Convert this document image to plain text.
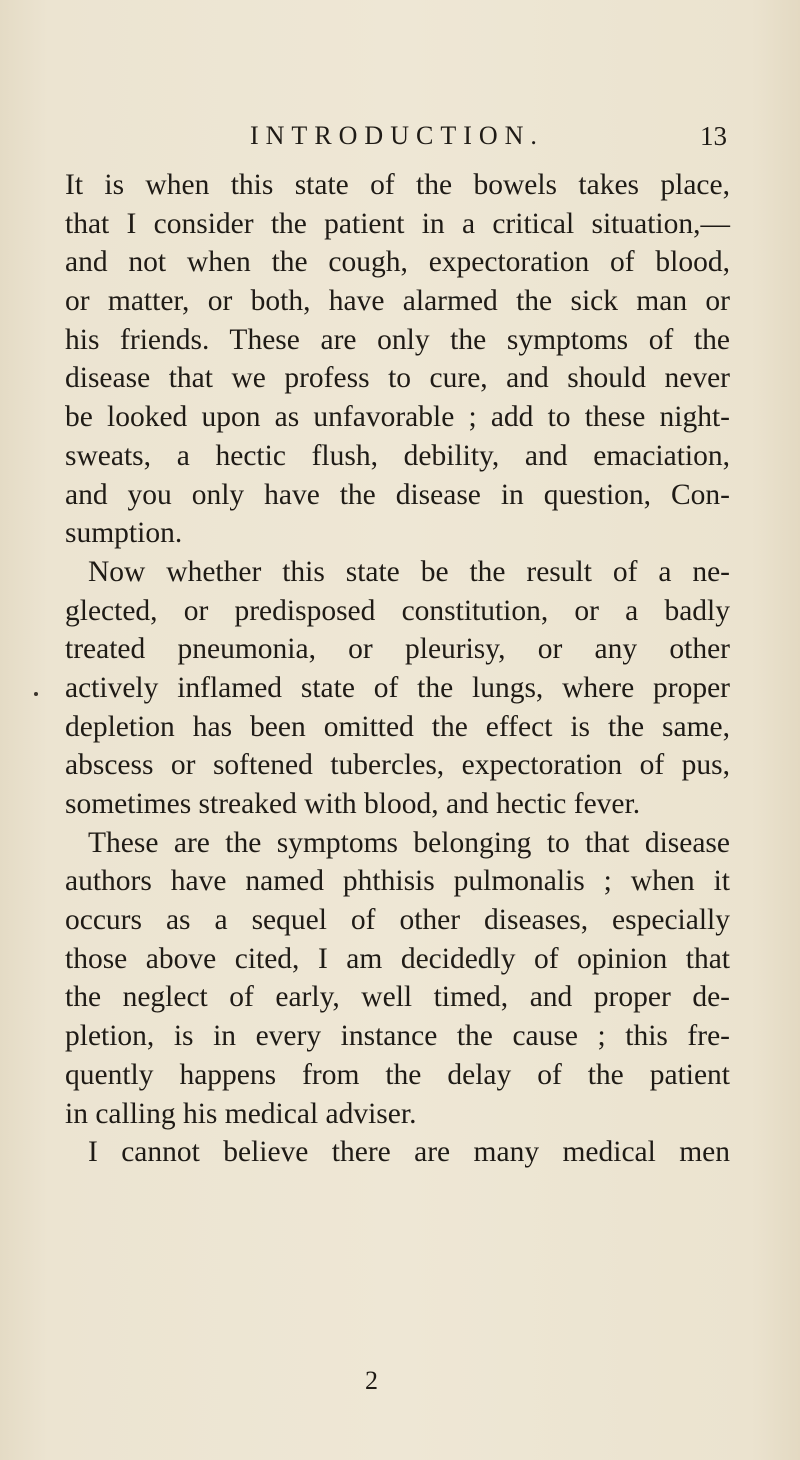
INTRODUCTION.	13
It is when this state of the bowels takes place,
that I consider the patient in a critical situation,—
and not when the cough, expectoration of blood,
or matter, or both, have alarmed the sick man or
his friends. These are only the symptoms of the
disease that we profess to cure, and should never
be looked upon as unfavorable ; add to these night-
sweats, a hectic flush, debility, and emaciation,
and you only have the disease in question, Con-
sumption.
Now whether this state be the result of a ne-
glected, or predisposed constitution, or a badly
treated pneumonia, or pleurisy, or any other
actively inflamed state of the lungs, where proper
depletion has been omitted the effect is the same,
abscess or softened tubercles, expectoration of pus,
sometimes streaked with blood, and hectic fever.
These are the symptoms belonging to that disease
authors have named phthisis pulmonalis ; when it
occurs as a sequel of other diseases, especially
those above cited, I am decidedly of opinion that
the neglect of early, well timed, and proper de-
pletion, is in every instance the cause ; this fre-
quently happens from the delay of the patient
in calling his medical adviser.
I cannot believe there are many medical men
2
